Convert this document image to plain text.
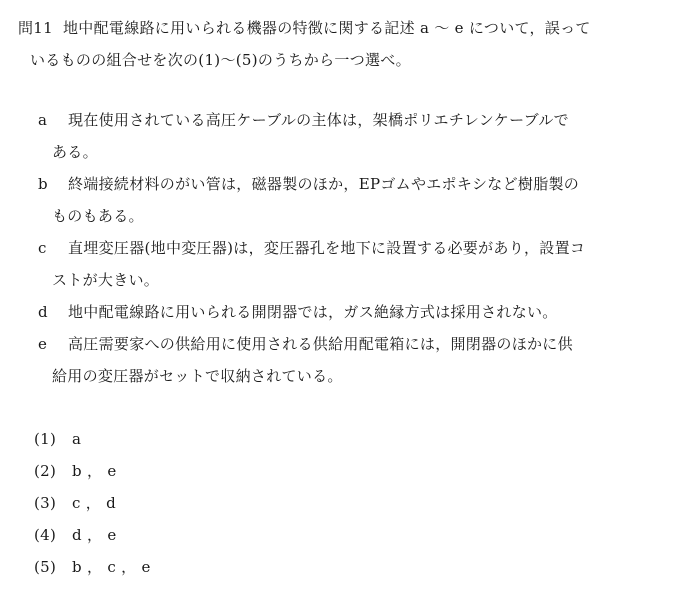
問11 地中配電線路に用いられる機器の特徴に関する記述 a 〜 e について，誤って
いるものの組合せを次の(1)〜(5)のうちから一つ選べ。
a 現在使用されている高圧ケーブルの主体は，架橋ポリエチレンケーブルで
ある。
b 終端接続材料のがい管は，磁器製のほか，EPゴムやエポキシなど樹脂製の
ものもある。
c 直埋変圧器(地中変圧器)は，変圧器孔を地下に設置する必要があり，設置コ
ストが大きい。
d 地中配電線路に用いられる開閉器では，ガス絶縁方式は採用されない。
e 高圧需要家への供給用に使用される供給用配電箱には，開閉器のほかに供
給用の変圧器がセットで収納されている。
(1) a
(2) b ， e
(3) c ， d
(4) d ， e
(5) b ， c ， e
